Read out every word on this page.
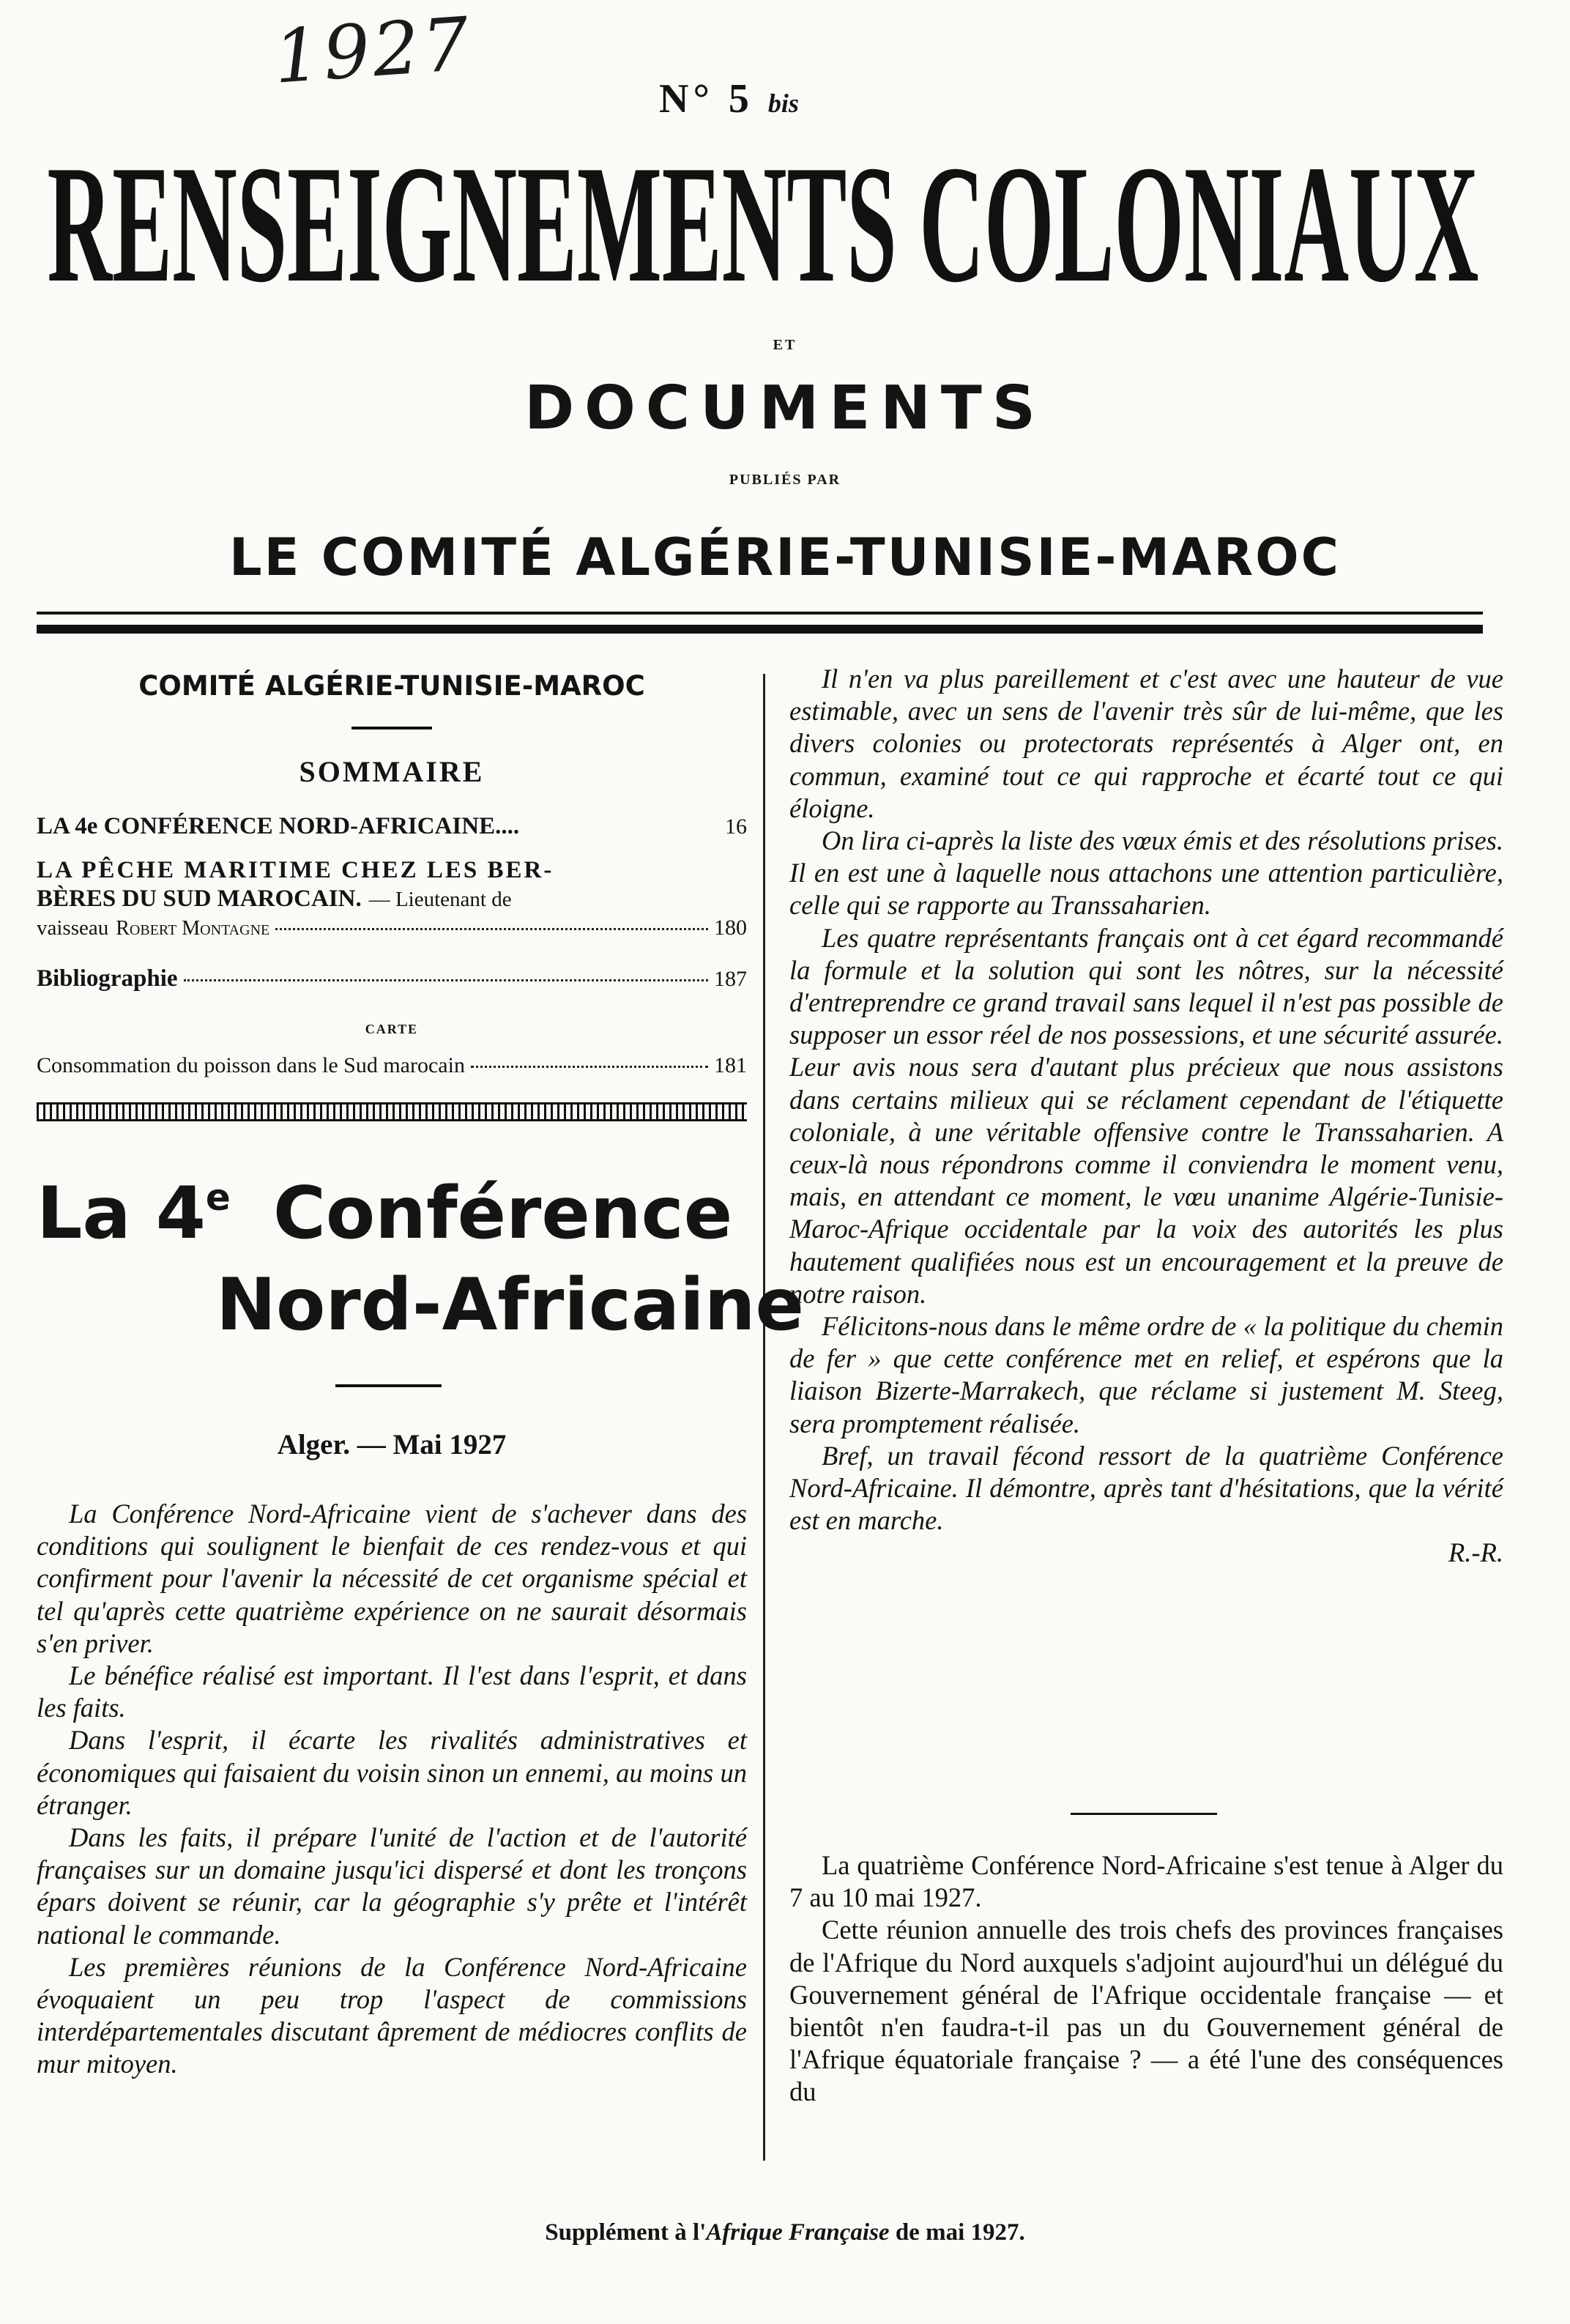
1927	N° 5 bis
RENSEIGNEMENTS COLONIAUX
ET
DOCUMENTS
PUBLIÉS PAR
LE COMITÉ ALGÉRIE-TUNISIE-MAROC
COMITÉ ALGÉRIE-TUNISIE-MAROC
SOMMAIRE
LA 4e CONFÉRENCE NORD-AFRICAINE....	16
LA PÊCHE MARITIME CHEZ LES BER-
BÈRES DU SUD MAROCAIN. — Lieutenant de
vaisseau Robert Montagne	180
Bibliographie	187
CARTE
Consommation du poisson dans le Sud marocain	181
La 4e Conférence
Nord-Africaine
Alger. — Mai 1927

La Conférence Nord-Africaine vient de s'achever dans des conditions qui soulignent le bienfait de ces rendez-vous et qui confirment pour l'avenir la nécessité de cet organisme spécial et tel qu'après cette quatrième expérience on ne saurait désormais s'en priver.

Le bénéfice réalisé est important. Il l'est dans l'esprit, et dans les faits.

Dans l'esprit, il écarte les rivalités administratives et économiques qui faisaient du voisin sinon un ennemi, au moins un étranger.

Dans les faits, il prépare l'unité de l'action et de l'autorité françaises sur un domaine jusqu'ici dispersé et dont les tronçons épars doivent se réunir, car la géographie s'y prête et l'intérêt national le commande.

Les premières réunions de la Conférence Nord-Africaine évoquaient un peu trop l'aspect de commissions interdépartementales discutant âprement de médiocres conflits de mur mitoyen.

Il n'en va plus pareillement et c'est avec une hauteur de vue estimable, avec un sens de l'avenir très sûr de lui-même, que les divers colonies ou protectorats représentés à Alger ont, en commun, examiné tout ce qui rapproche et écarté tout ce qui éloigne.

On lira ci-après la liste des vœux émis et des résolutions prises. Il en est une à laquelle nous attachons une attention particulière, celle qui se rapporte au Transsaharien.

Les quatre représentants français ont à cet égard recommandé la formule et la solution qui sont les nôtres, sur la nécessité d'entreprendre ce grand travail sans lequel il n'est pas possible de supposer un essor réel de nos possessions, et une sécurité assurée. Leur avis nous sera d'autant plus précieux que nous assistons dans certains milieux qui se réclament cependant de l'étiquette coloniale, à une véritable offensive contre le Transsaharien. A ceux-là nous répondrons comme il conviendra le moment venu, mais, en attendant ce moment, le vœu unanime Algérie-Tunisie-Maroc-Afrique occidentale par la voix des autorités les plus hautement qualifiées nous est un encouragement et la preuve de notre raison.

Félicitons-nous dans le même ordre de « la politique du chemin de fer » que cette conférence met en relief, et espérons que la liaison Bizerte-Marrakech, que réclame si justement M. Steeg, sera promptement réalisée.

Bref, un travail fécond ressort de la quatrième Conférence Nord-Africaine. Il démontre, après tant d'hésitations, que la vérité est en marche.

R.-R.

La quatrième Conférence Nord-Africaine s'est tenue à Alger du 7 au 10 mai 1927.

Cette réunion annuelle des trois chefs des provinces françaises de l'Afrique du Nord auxquels s'adjoint aujourd'hui un délégué du Gouvernement général de l'Afrique occidentale française — et bientôt n'en faudra-t-il pas un du Gouvernement général de l'Afrique équatoriale française ? — a été l'une des conséquences du

Supplément à l'Afrique Française de mai 1927.
